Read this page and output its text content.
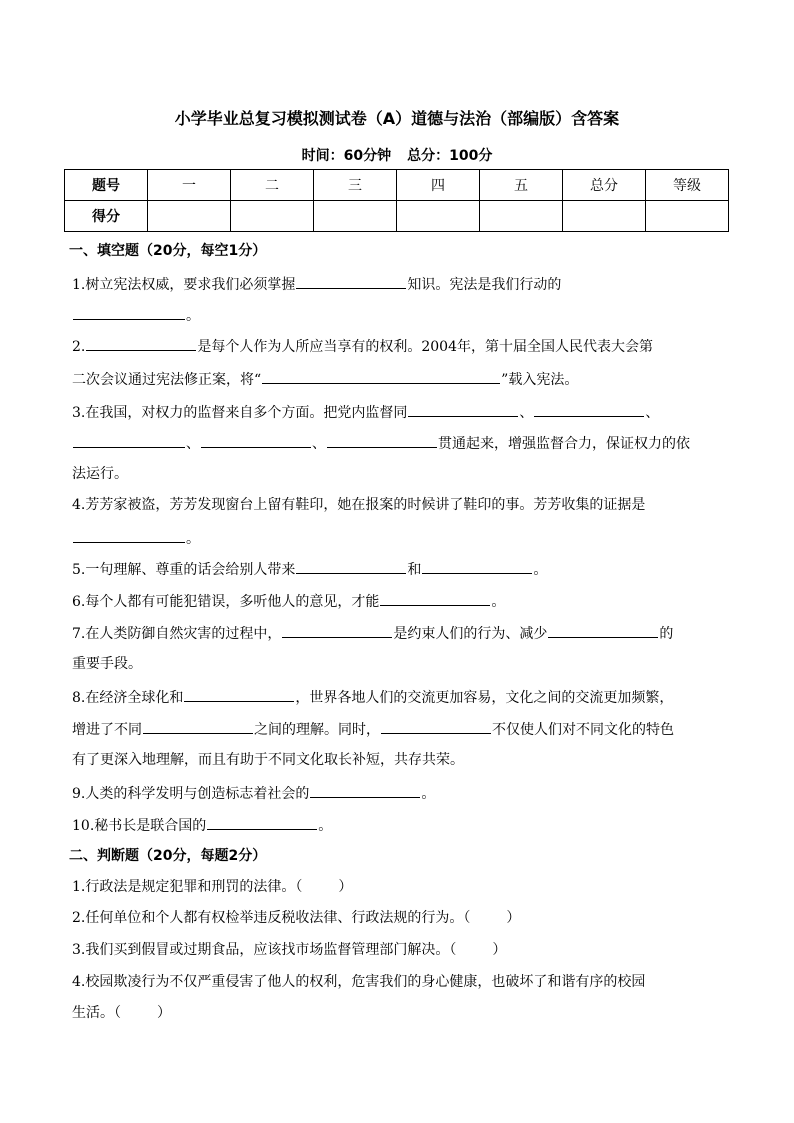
小学毕业总复习模拟测试卷（A）道德与法治（部编版）含答案
时间：60分钟 总分：100分
题号	一	二	三	四	五	总分	等级
得分							
一、填空题（20分，每空1分）
1.树立宪法权威，要求我们必须掌握	知识。宪法是我们行动的
。
2.	是每个人作为人所应当享有的权利。2004年，第十届全国人民代表大会第
二次会议通过宪法修正案，将“	”载入宪法。
3.在我国，对权力的监督来自多个方面。把党内监督同	、	、
、	、	贯通起来，增强监督合力，保证权力的依
法运行。
4.芳芳家被盗，芳芳发现窗台上留有鞋印，她在报案的时候讲了鞋印的事。芳芳收集的证据是
。
5.一句理解、尊重的话会给别人带来	和	。
6.每个人都有可能犯错误，多听他人的意见，才能	。
7.在人类防御自然灾害的过程中，	是约束人们的行为、减少	的
重要手段。
8.在经济全球化和	，世界各地人们的交流更加容易，文化之间的交流更加频繁，
增进了不同	之间的理解。同时，	不仅使人们对不同文化的特色
有了更深入地理解，而且有助于不同文化取长补短，共存共荣。
9.人类的科学发明与创造标志着社会的	。
10.秘书长是联合国的	。
二、判断题（20分，每题2分）
1.行政法是规定犯罪和刑罚的法律。（	）
2.任何单位和个人都有权检举违反税收法律、行政法规的行为。（	）
3.我们买到假冒或过期食品，应该找市场监督管理部门解决。（	）
4.校园欺凌行为不仅严重侵害了他人的权利，危害我们的身心健康，也破坏了和谐有序的校园
生活。（	）
